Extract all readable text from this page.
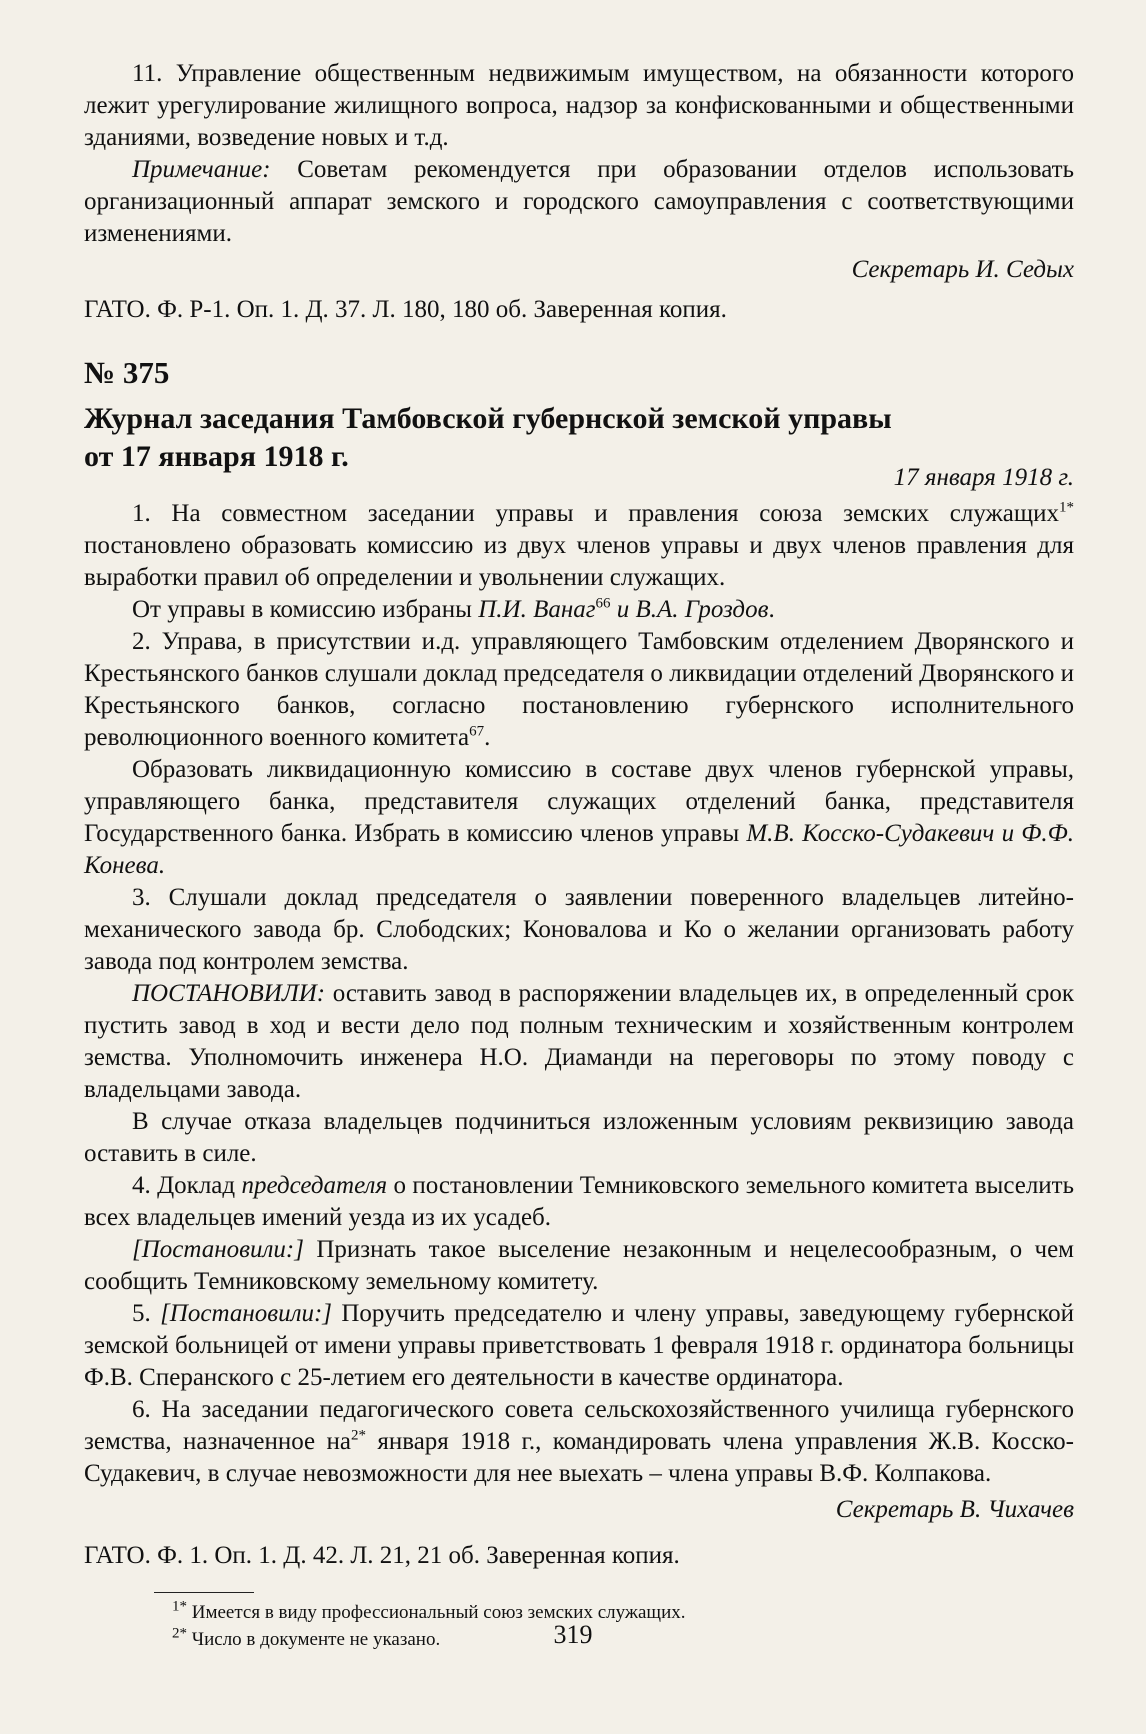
11. Управление общественным недвижимым имуществом, на обязанности которого лежит урегулирование жилищного вопроса, надзор за конфискованными и общественными зданиями, возведение новых и т.д.

Примечание: Советам рекомендуется при образовании отделов использовать организационный аппарат земского и городского самоуправления с соответствующими изменениями.

Секретарь И. Седых

ГАТО. Ф. Р-1. Оп. 1. Д. 37. Л. 180, 180 об. Заверенная копия.

№ 375

Журнал заседания Тамбовской губернской земской управы

от 17 января 1918 г.

17 января 1918 г.

1. На совместном заседании управы и правления союза земских служащих$^{1*}$ постановлено образовать комиссию из двух членов управы и двух членов правления для выработки правил об определении и увольнении служащих.

От управы в комиссию избраны П.И. Ванаг$^{66}$ и В.А. Гроздов.

2. Управа, в присутствии и.д. управляющего Тамбовским отделением Дворянского и Крестьянского банков слушали доклад председателя о ликвидации отделений Дворянского и Крестьянского банков, согласно постановлению губернского исполнительного революционного военного комитета$^{67}$.

Образовать ликвидационную комиссию в составе двух членов губернской управы, управляющего банка, представителя служащих отделений банка, представителя Государственного банка. Избрать в комиссию членов управы М.В. Косско-Судакевич и Ф.Ф. Конева.

3. Слушали доклад председателя о заявлении поверенного владельцев литейно-механического завода бр. Слободских; Коновалова и Ко о желании организовать работу завода под контролем земства.

ПОСТАНОВИЛИ: оставить завод в распоряжении владельцев их, в определенный срок пустить завод в ход и вести дело под полным техническим и хозяйственным контролем земства. Уполномочить инженера Н.О. Диаманди на переговоры по этому поводу с владельцами завода.

В случае отказа владельцев подчиниться изложенным условиям реквизицию завода оставить в силе.

4. Доклад председателя о постановлении Темниковского земельного комитета выселить всех владельцев имений уезда из их усадеб.

[Постановили:] Признать такое выселение незаконным и нецелесообразным, о чем сообщить Темниковскому земельному комитету.

5. [Постановили:] Поручить председателю и члену управы, заведующему губернской земской больницей от имени управы приветствовать 1 февраля 1918 г. ординатора больницы Ф.В. Сперанского с 25-летием его деятельности в качестве ординатора.

6. На заседании педагогического совета сельскохозяйственного училища губернского земства, назначенное $на^{2*}$ января 1918 г., командировать члена управления Ж.В. Косско-Судакевич, в случае невозможности для нее выехать – члена управы В.Ф. Колпакова.

Секретарь В. Чихачев

ГАТО. Ф. 1. Оп. 1. Д. 42. Л. 21, 21 об. Заверенная копия.

$^{1*}$ Имеется в виду профессиональный союз земских служащих.

$^{2*}$ Число в документе не указано.	319
